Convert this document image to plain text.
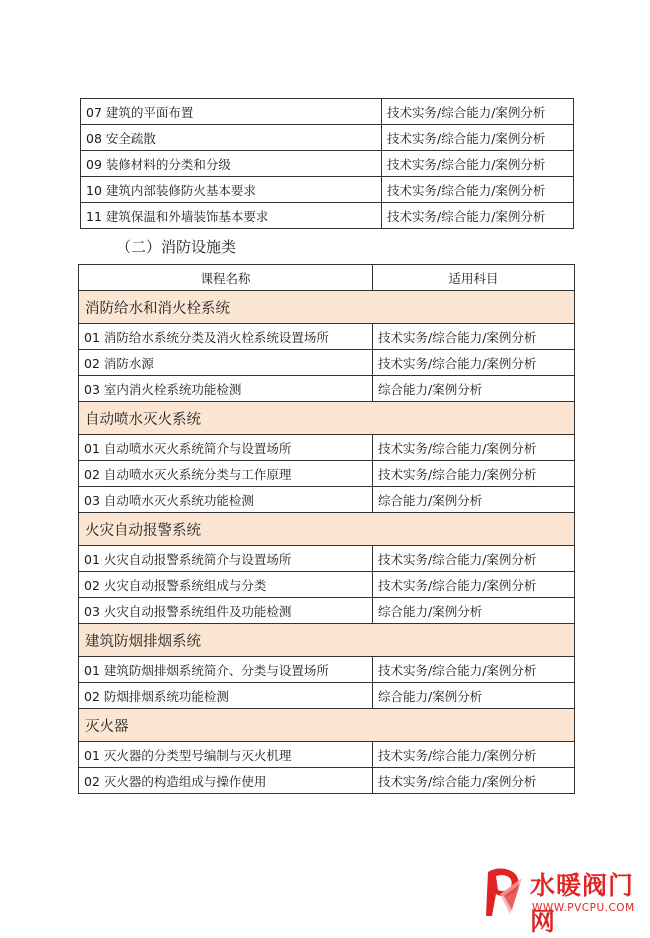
07 建筑的平面布置	技术实务/综合能力/案例分析
08 安全疏散	技术实务/综合能力/案例分析
09 装修材料的分类和分级	技术实务/综合能力/案例分析
10 建筑内部装修防火基本要求	技术实务/综合能力/案例分析
11 建筑保温和外墙装饰基本要求	技术实务/综合能力/案例分析
（二）消防设施类
课程名称	适用科目
消防给水和消火栓系统	
01 消防给水系统分类及消火栓系统设置场所	技术实务/综合能力/案例分析
02 消防水源	技术实务/综合能力/案例分析
03 室内消火栓系统功能检测	综合能力/案例分析
自动喷水灭火系统	
01 自动喷水灭火系统简介与设置场所	技术实务/综合能力/案例分析
02 自动喷水灭火系统分类与工作原理	技术实务/综合能力/案例分析
03 自动喷水灭火系统功能检测	综合能力/案例分析
火灾自动报警系统	
01 火灾自动报警系统简介与设置场所	技术实务/综合能力/案例分析
02 火灾自动报警系统组成与分类	技术实务/综合能力/案例分析
03 火灾自动报警系统组件及功能检测	综合能力/案例分析
建筑防烟排烟系统	
01 建筑防烟排烟系统简介、分类与设置场所	技术实务/综合能力/案例分析
02 防烟排烟系统功能检测	综合能力/案例分析
灭火器	
01 灭火器的分类型号编制与灭火机理	技术实务/综合能力/案例分析
02 灭火器的构造组成与操作使用	技术实务/综合能力/案例分析
水暖阀门网
WWW.PVCPU.COM
